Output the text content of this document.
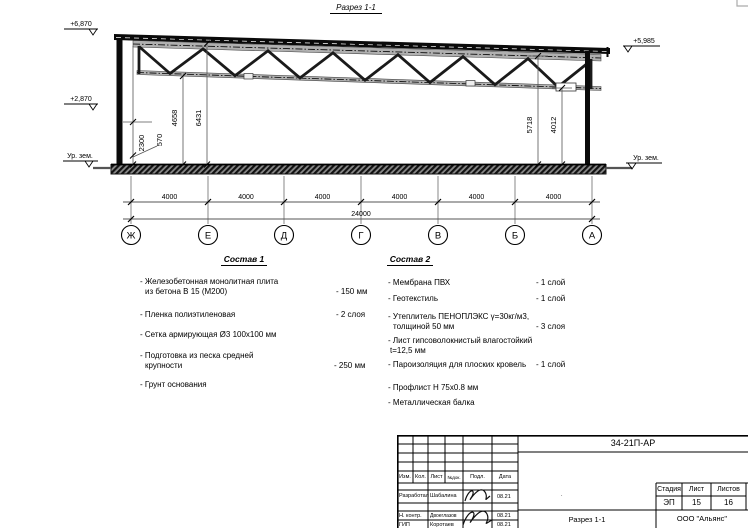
Разрез 1-1
+6,870
+2,870
Ур. зем.
+5,985
Ур. зем.
2300 570
4658 6431	5718 4012
4000	4000	4000	4000	4000	4000
24000
Ж	Е	Д	Г	В	Б	А
Состав 1
- Железобетонная монолитная плита
из бетона В 15 (М200)	- 150 мм
- Пленка полиэтиленовая	- 2 слоя
- Сетка армирующая Ø3 100х100 мм
- Подготовка из песка средней
крупности	- 250 мм
- Грунт основания
Состав 2
- Мембрана ПВХ	- 1 слой
- Геотекстиль	- 1 слой
- Утеплитель ПЕНОПЛЭКС γ=30кг/м3,
толщиной 50 мм	- 3 слоя
- Лист гипсоволокнистый влагостойкий
t=12,5 мм
- Пароизоляция для плоских кровель	- 1 слой
- Профлист Н 75х0.8 мм
- Металлическая балка
34-21П-АР
Изм. Кол. Лист	№док.	Подл.	Дата
Разработал Шабалина	08.21
Н. контр. Двоеглазов	08.21
ГИП	Коротаев	08.21
Стадия	Лист	Листов
ЭП	15	16
.
Разрез 1-1	ООО "Альянс"
